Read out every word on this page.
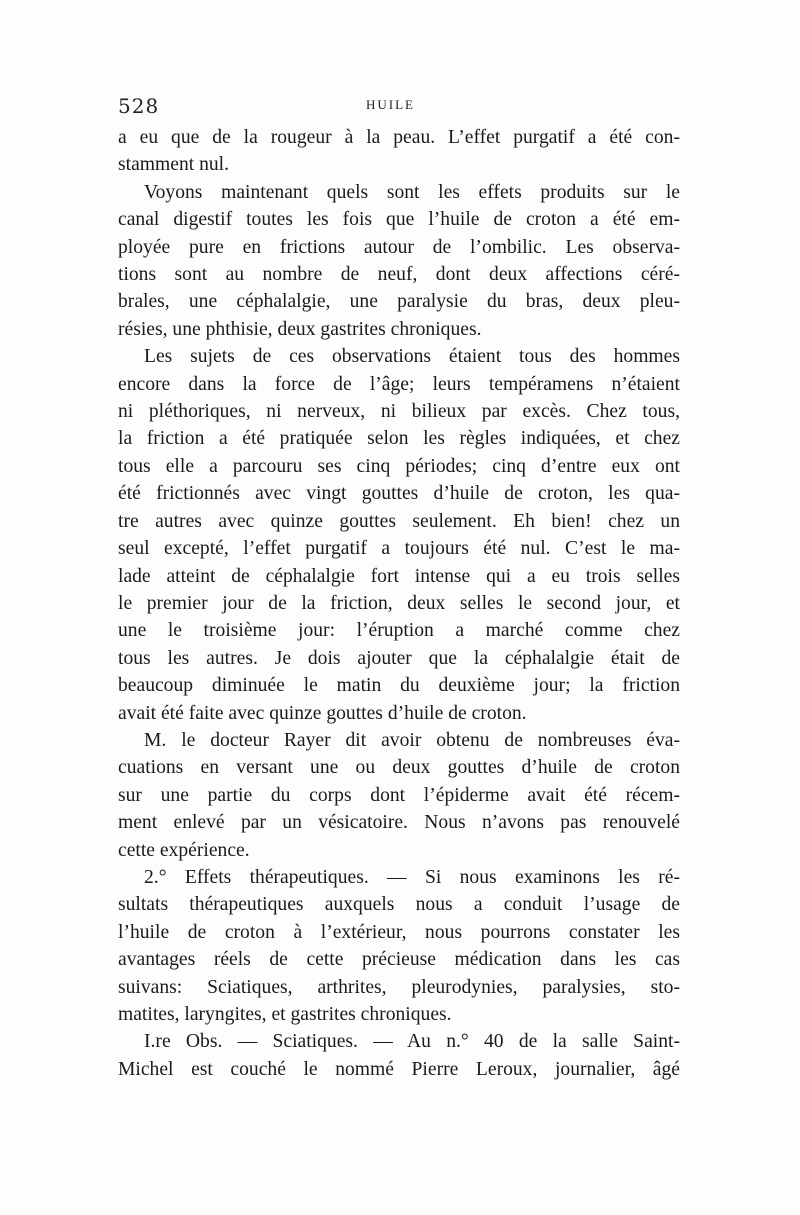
528	HUILE

a eu que de la rougeur à la peau. L’effet purgatif a été con-
stamment nul.

Voyons maintenant quels sont les effets produits sur le
canal digestif toutes les fois que l’huile de croton a été em-
ployée pure en frictions autour de l’ombilic. Les observa-
tions sont au nombre de neuf, dont deux affections céré-
brales, une céphalalgie, une paralysie du bras, deux pleu-
résies, une phthisie, deux gastrites chroniques.

Les sujets de ces observations étaient tous des hommes
encore dans la force de l’âge; leurs tempéramens n’étaient
ni pléthoriques, ni nerveux, ni bilieux par excès. Chez tous,
la friction a été pratiquée selon les règles indiquées, et chez
tous elle a parcouru ses cinq périodes; cinq d’entre eux ont
été frictionnés avec vingt gouttes d’huile de croton, les qua-
tre autres avec quinze gouttes seulement. Eh bien! chez un
seul excepté, l’effet purgatif a toujours été nul. C’est le ma-
lade atteint de céphalalgie fort intense qui a eu trois selles
le premier jour de la friction, deux selles le second jour, et
une le troisième jour: l’éruption a marché comme chez
tous les autres. Je dois ajouter que la céphalalgie était de
beaucoup diminuée le matin du deuxième jour; la friction
avait été faite avec quinze gouttes d’huile de croton.

M. le docteur Rayer dit avoir obtenu de nombreuses éva-
cuations en versant une ou deux gouttes d’huile de croton
sur une partie du corps dont l’épiderme avait été récem-
ment enlevé par un vésicatoire. Nous n’avons pas renouvelé
cette expérience.

2.° Effets thérapeutiques. — Si nous examinons les ré-
sultats thérapeutiques auxquels nous a conduit l’usage de
l’huile de croton à l’extérieur, nous pourrons constater les
avantages réels de cette précieuse médication dans les cas
suivans: Sciatiques, arthrites, pleurodynies, paralysies, sto-
matites, laryngites, et gastrites chroniques.

I.re Obs. — Sciatiques. — Au n.° 40 de la salle Saint-
Michel est couché le nommé Pierre Leroux, journalier, âgé
